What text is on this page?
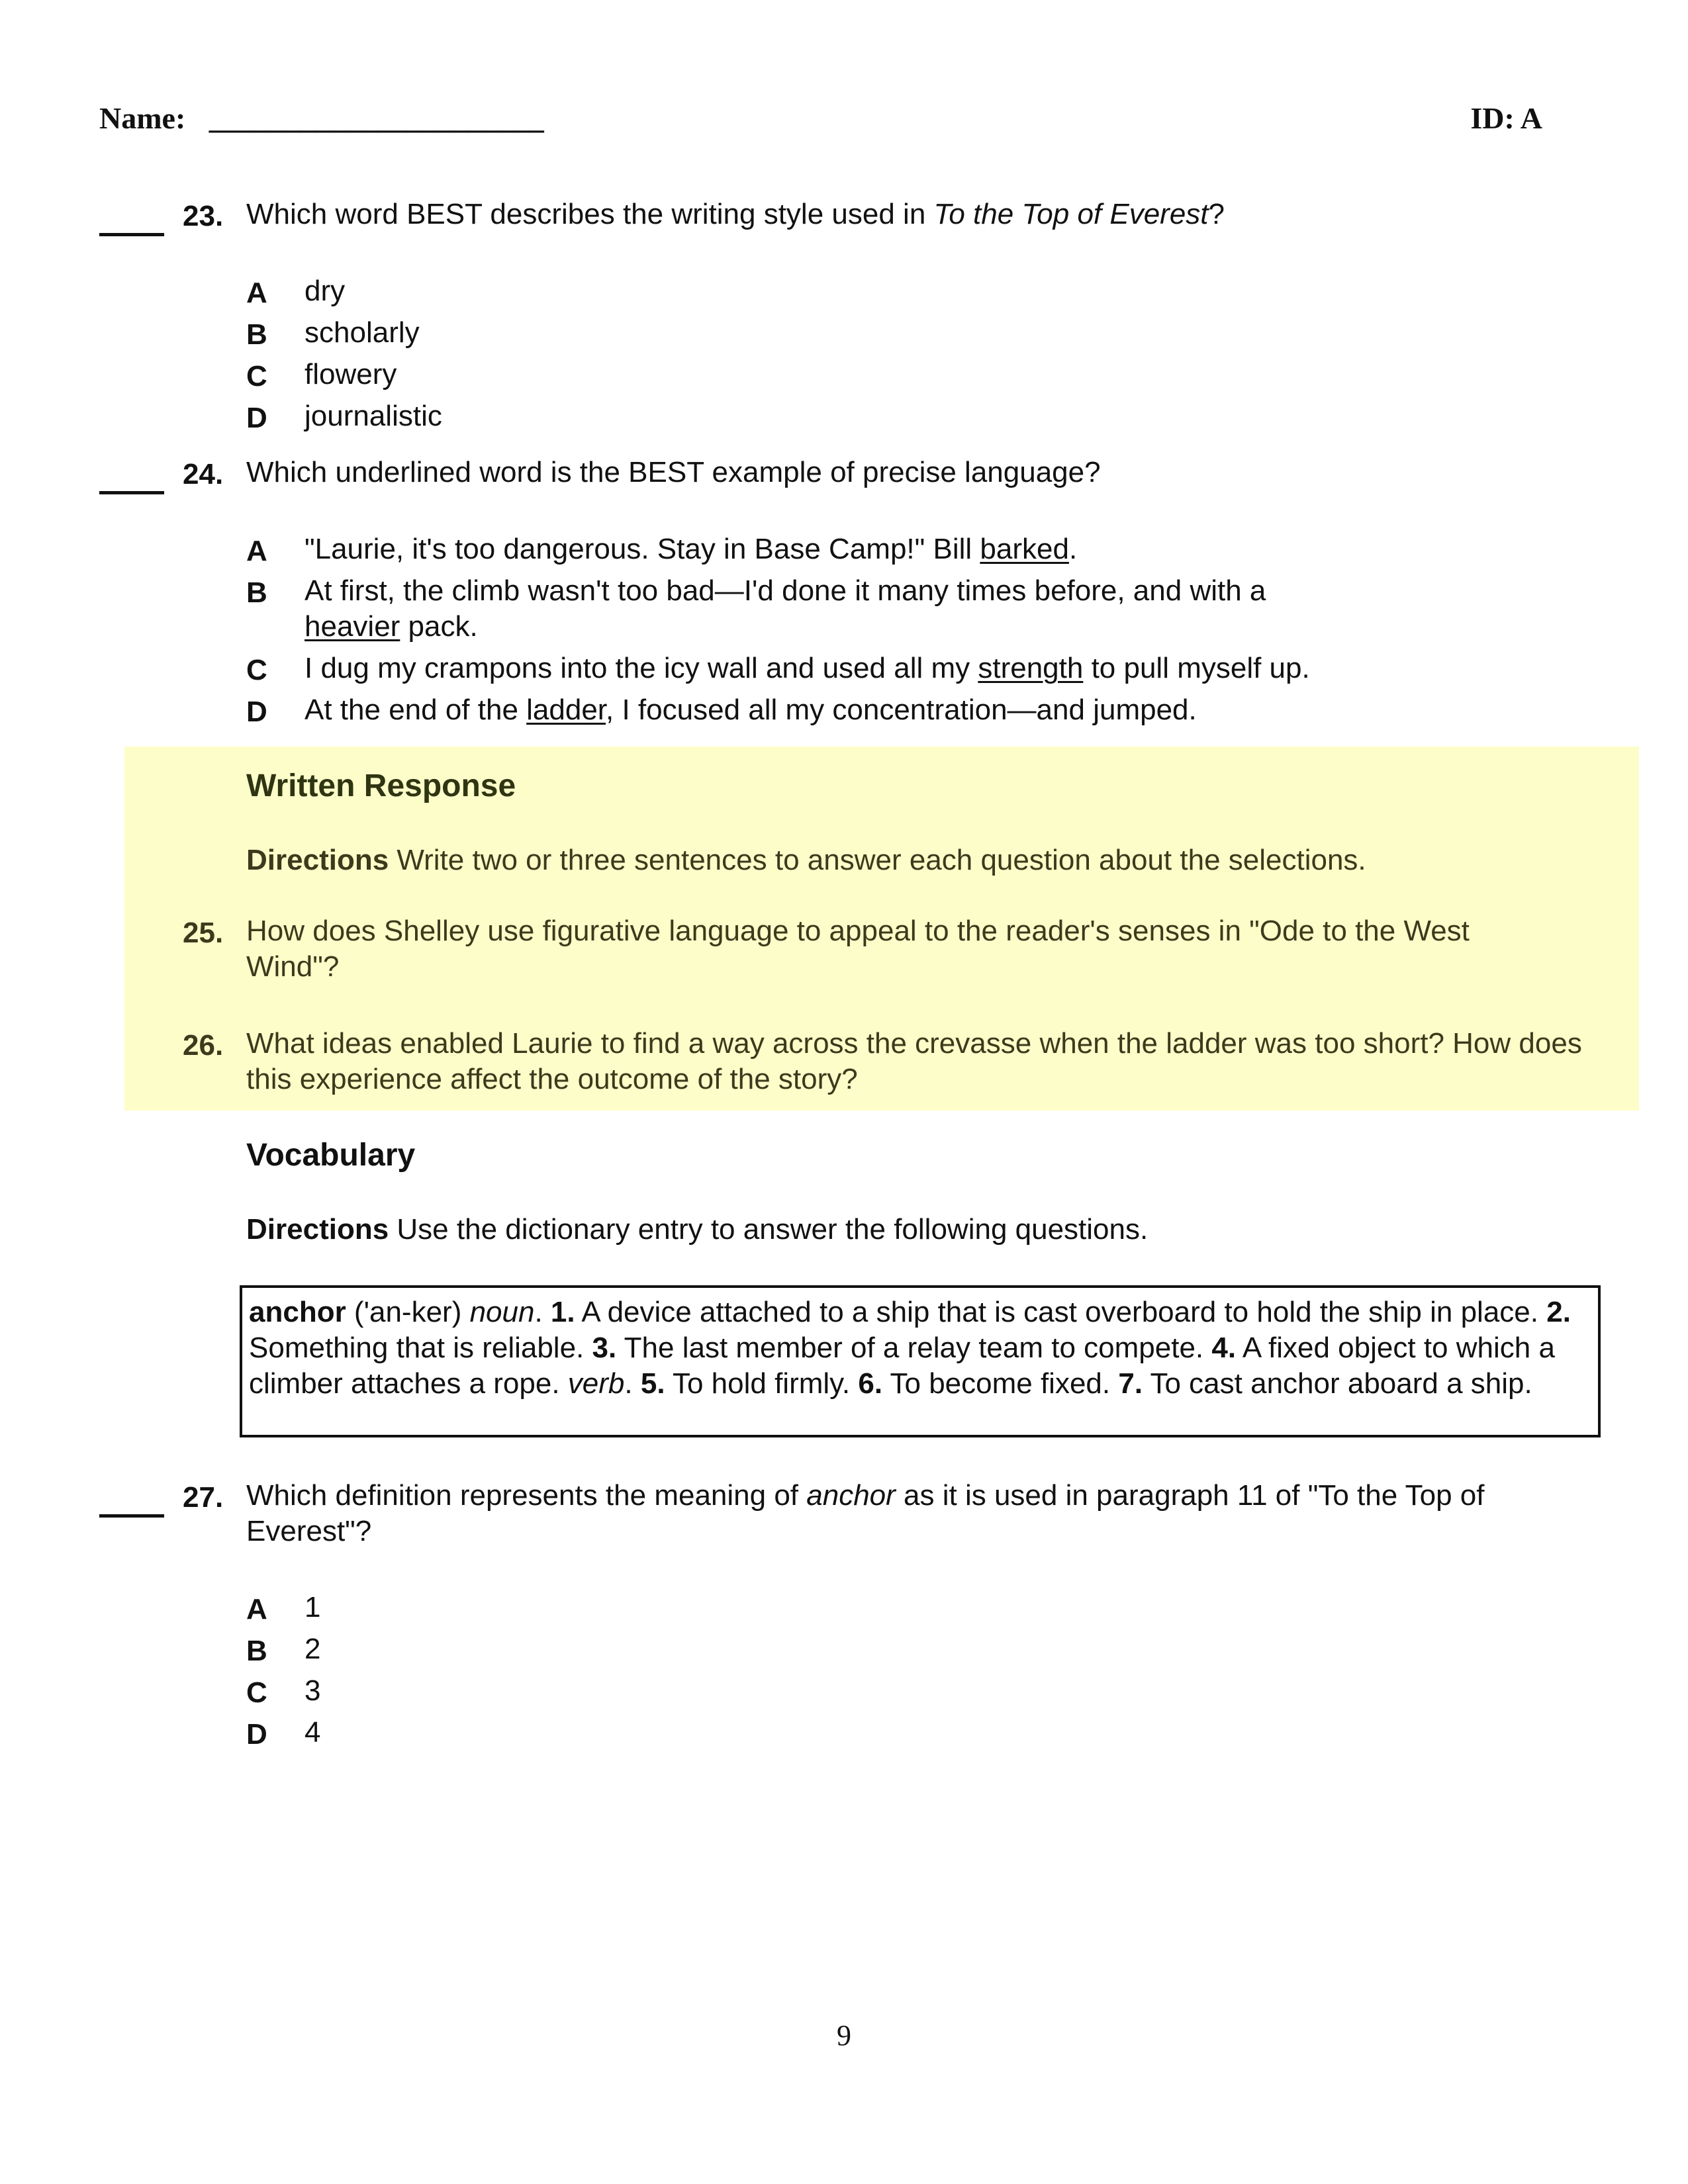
Name: ______________________	ID: A
23. Which word BEST describes the writing style used in To the Top of Everest?
A dry
B scholarly
C flowery
D journalistic
24. Which underlined word is the BEST example of precise language?
A "Laurie, it's too dangerous. Stay in Base Camp!" Bill barked.
B At first, the climb wasn't too bad—I'd done it many times before, and with a heavier pack.
C I dug my crampons into the icy wall and used all my strength to pull myself up.
D At the end of the ladder, I focused all my concentration—and jumped.
Written Response
Directions Write two or three sentences to answer each question about the selections.
25. How does Shelley use figurative language to appeal to the reader's senses in "Ode to the West Wind"?
26. What ideas enabled Laurie to find a way across the crevasse when the ladder was too short? How does this experience affect the outcome of the story?
Vocabulary
Directions Use the dictionary entry to answer the following questions.
anchor ('an-ker) noun. 1. A device attached to a ship that is cast overboard to hold the ship in place. 2. Something that is reliable. 3. The last member of a relay team to compete. 4. A fixed object to which a climber attaches a rope. verb. 5. To hold firmly. 6. To become fixed. 7. To cast anchor aboard a ship.
27. Which definition represents the meaning of anchor as it is used in paragraph 11 of "To the Top of Everest"?
A 1
B 2
C 3
D 4
9
